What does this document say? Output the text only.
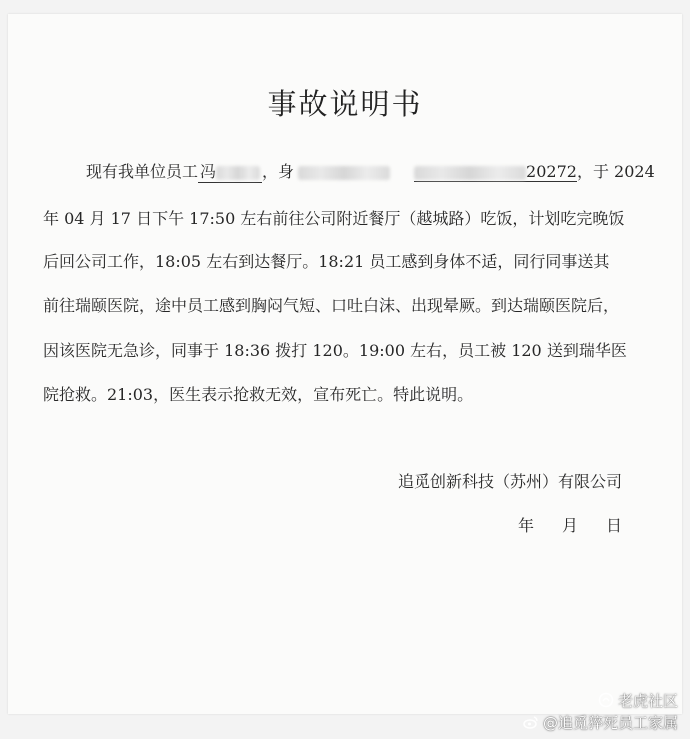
事故说明书
现有我单位员工 冯	，身	20272，于 2024
年 04 月 17 日下午 17:50 左右前往公司附近餐厅（越城路）吃饭，计划吃完晚饭
后回公司工作，18:05 左右到达餐厅。18:21 员工感到身体不适，同行同事送其
前往瑞颐医院，途中员工感到胸闷气短、口吐白沫、出现晕厥。到达瑞颐医院后，
因该医院无急诊，同事于 18:36 拨打 120。19:00 左右，员工被 120 送到瑞华医
院抢救。21:03，医生表示抢救无效，宣布死亡。特此说明。
追觅创新科技（苏州）有限公司
年 月 日
老虎社区
@追觅猝死员工家属
